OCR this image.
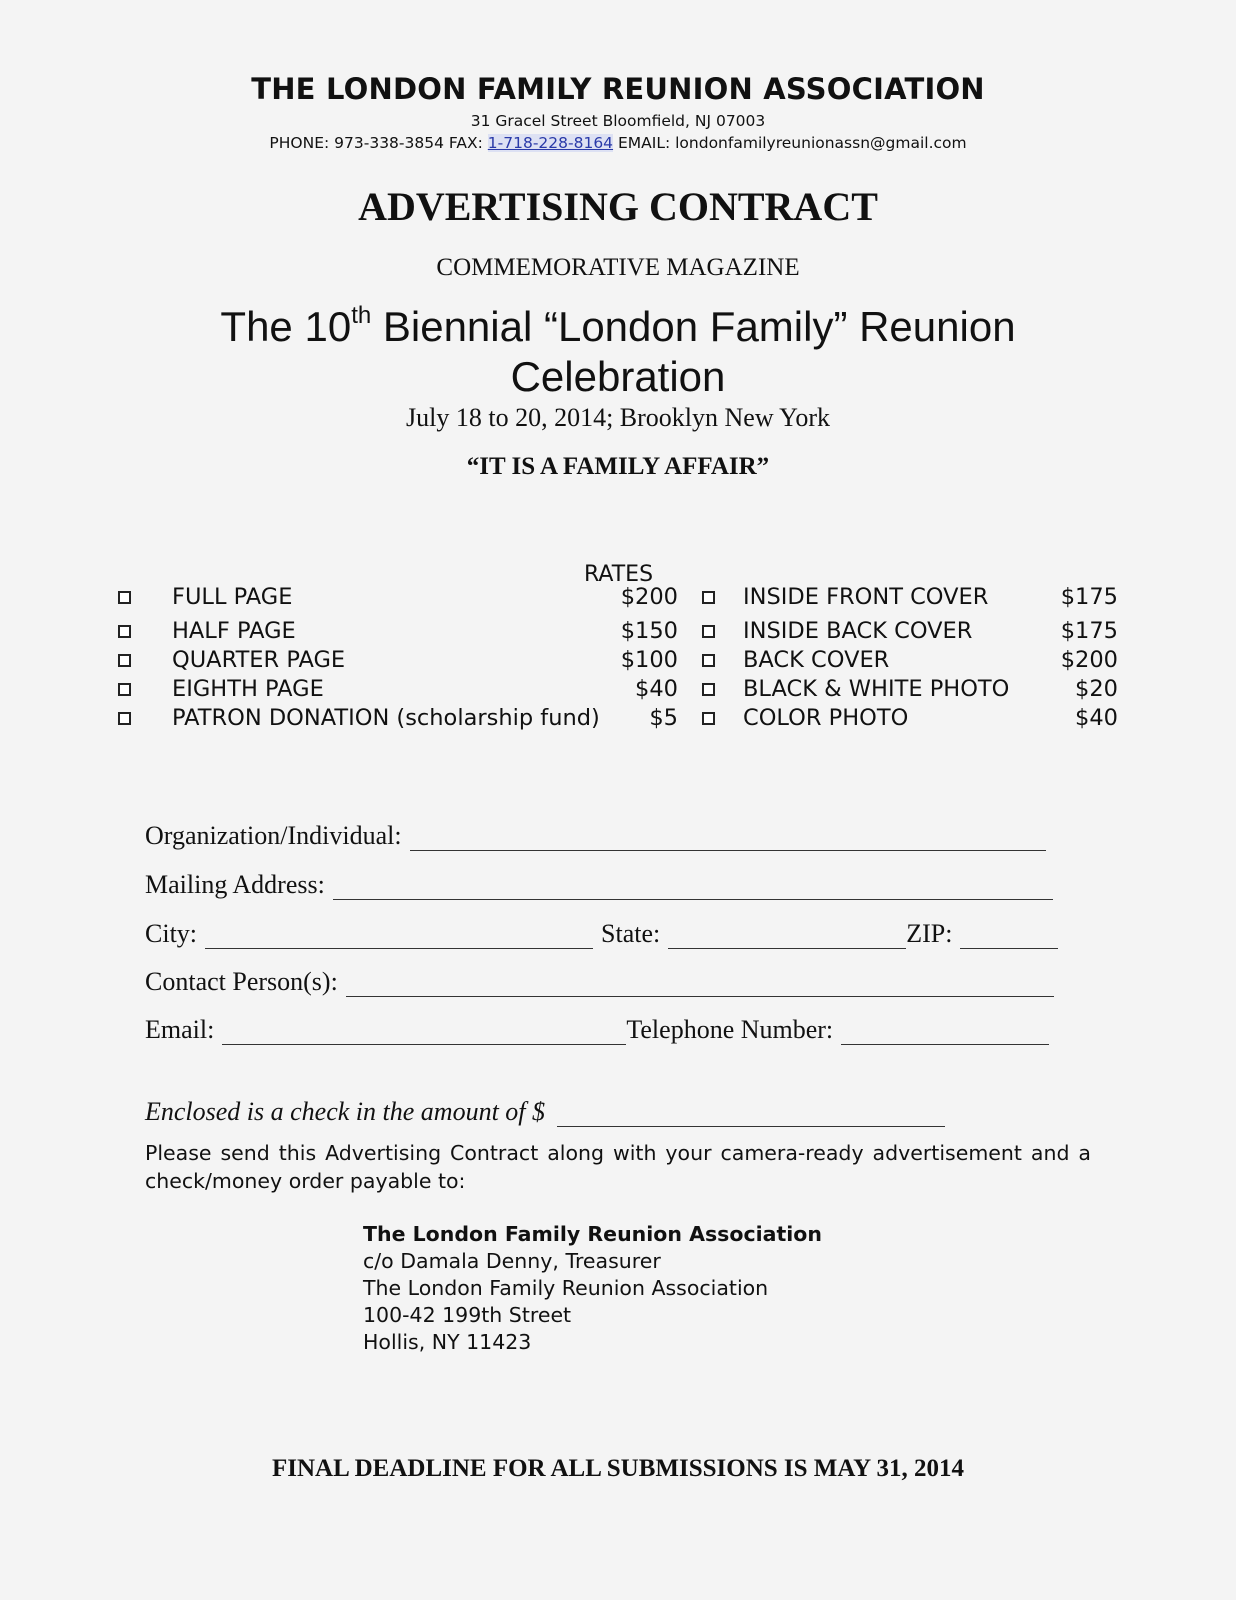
THE LONDON FAMILY REUNION ASSOCIATION
31 Gracel Street Bloomfield, NJ 07003
PHONE: 973-338-3854 FAX: 1-718-228-8164 EMAIL: londonfamilyreunionassn@gmail.com
ADVERTISING CONTRACT
COMMEMORATIVE MAGAZINE
The 10th Biennial “London Family” Reunion
Celebration
July 18 to 20, 2014; Brooklyn New York
“IT IS A FAMILY AFFAIR”
RATES
FULL PAGE	$200
HALF PAGE	$150
QUARTER PAGE	$100
EIGHTH PAGE	$40
PATRON DONATION (scholarship fund) $5
INSIDE FRONT COVER	$175
INSIDE BACK COVER	$175
BACK COVER	$200
BLACK & WHITE PHOTO	$20
COLOR PHOTO	$40
Organization/Individual:
Mailing Address:
City:	State:	ZIP:
Contact Person(s):
Email:	Telephone Number:
Enclosed is a check in the amount of $
Please send this Advertising Contract along with your camera-ready advertisement and a check/money order payable to:
The London Family Reunion Association
c/o Damala Denny, Treasurer
The London Family Reunion Association
100-42 199th Street
Hollis, NY 11423
FINAL DEADLINE FOR ALL SUBMISSIONS IS MAY 31, 2014
